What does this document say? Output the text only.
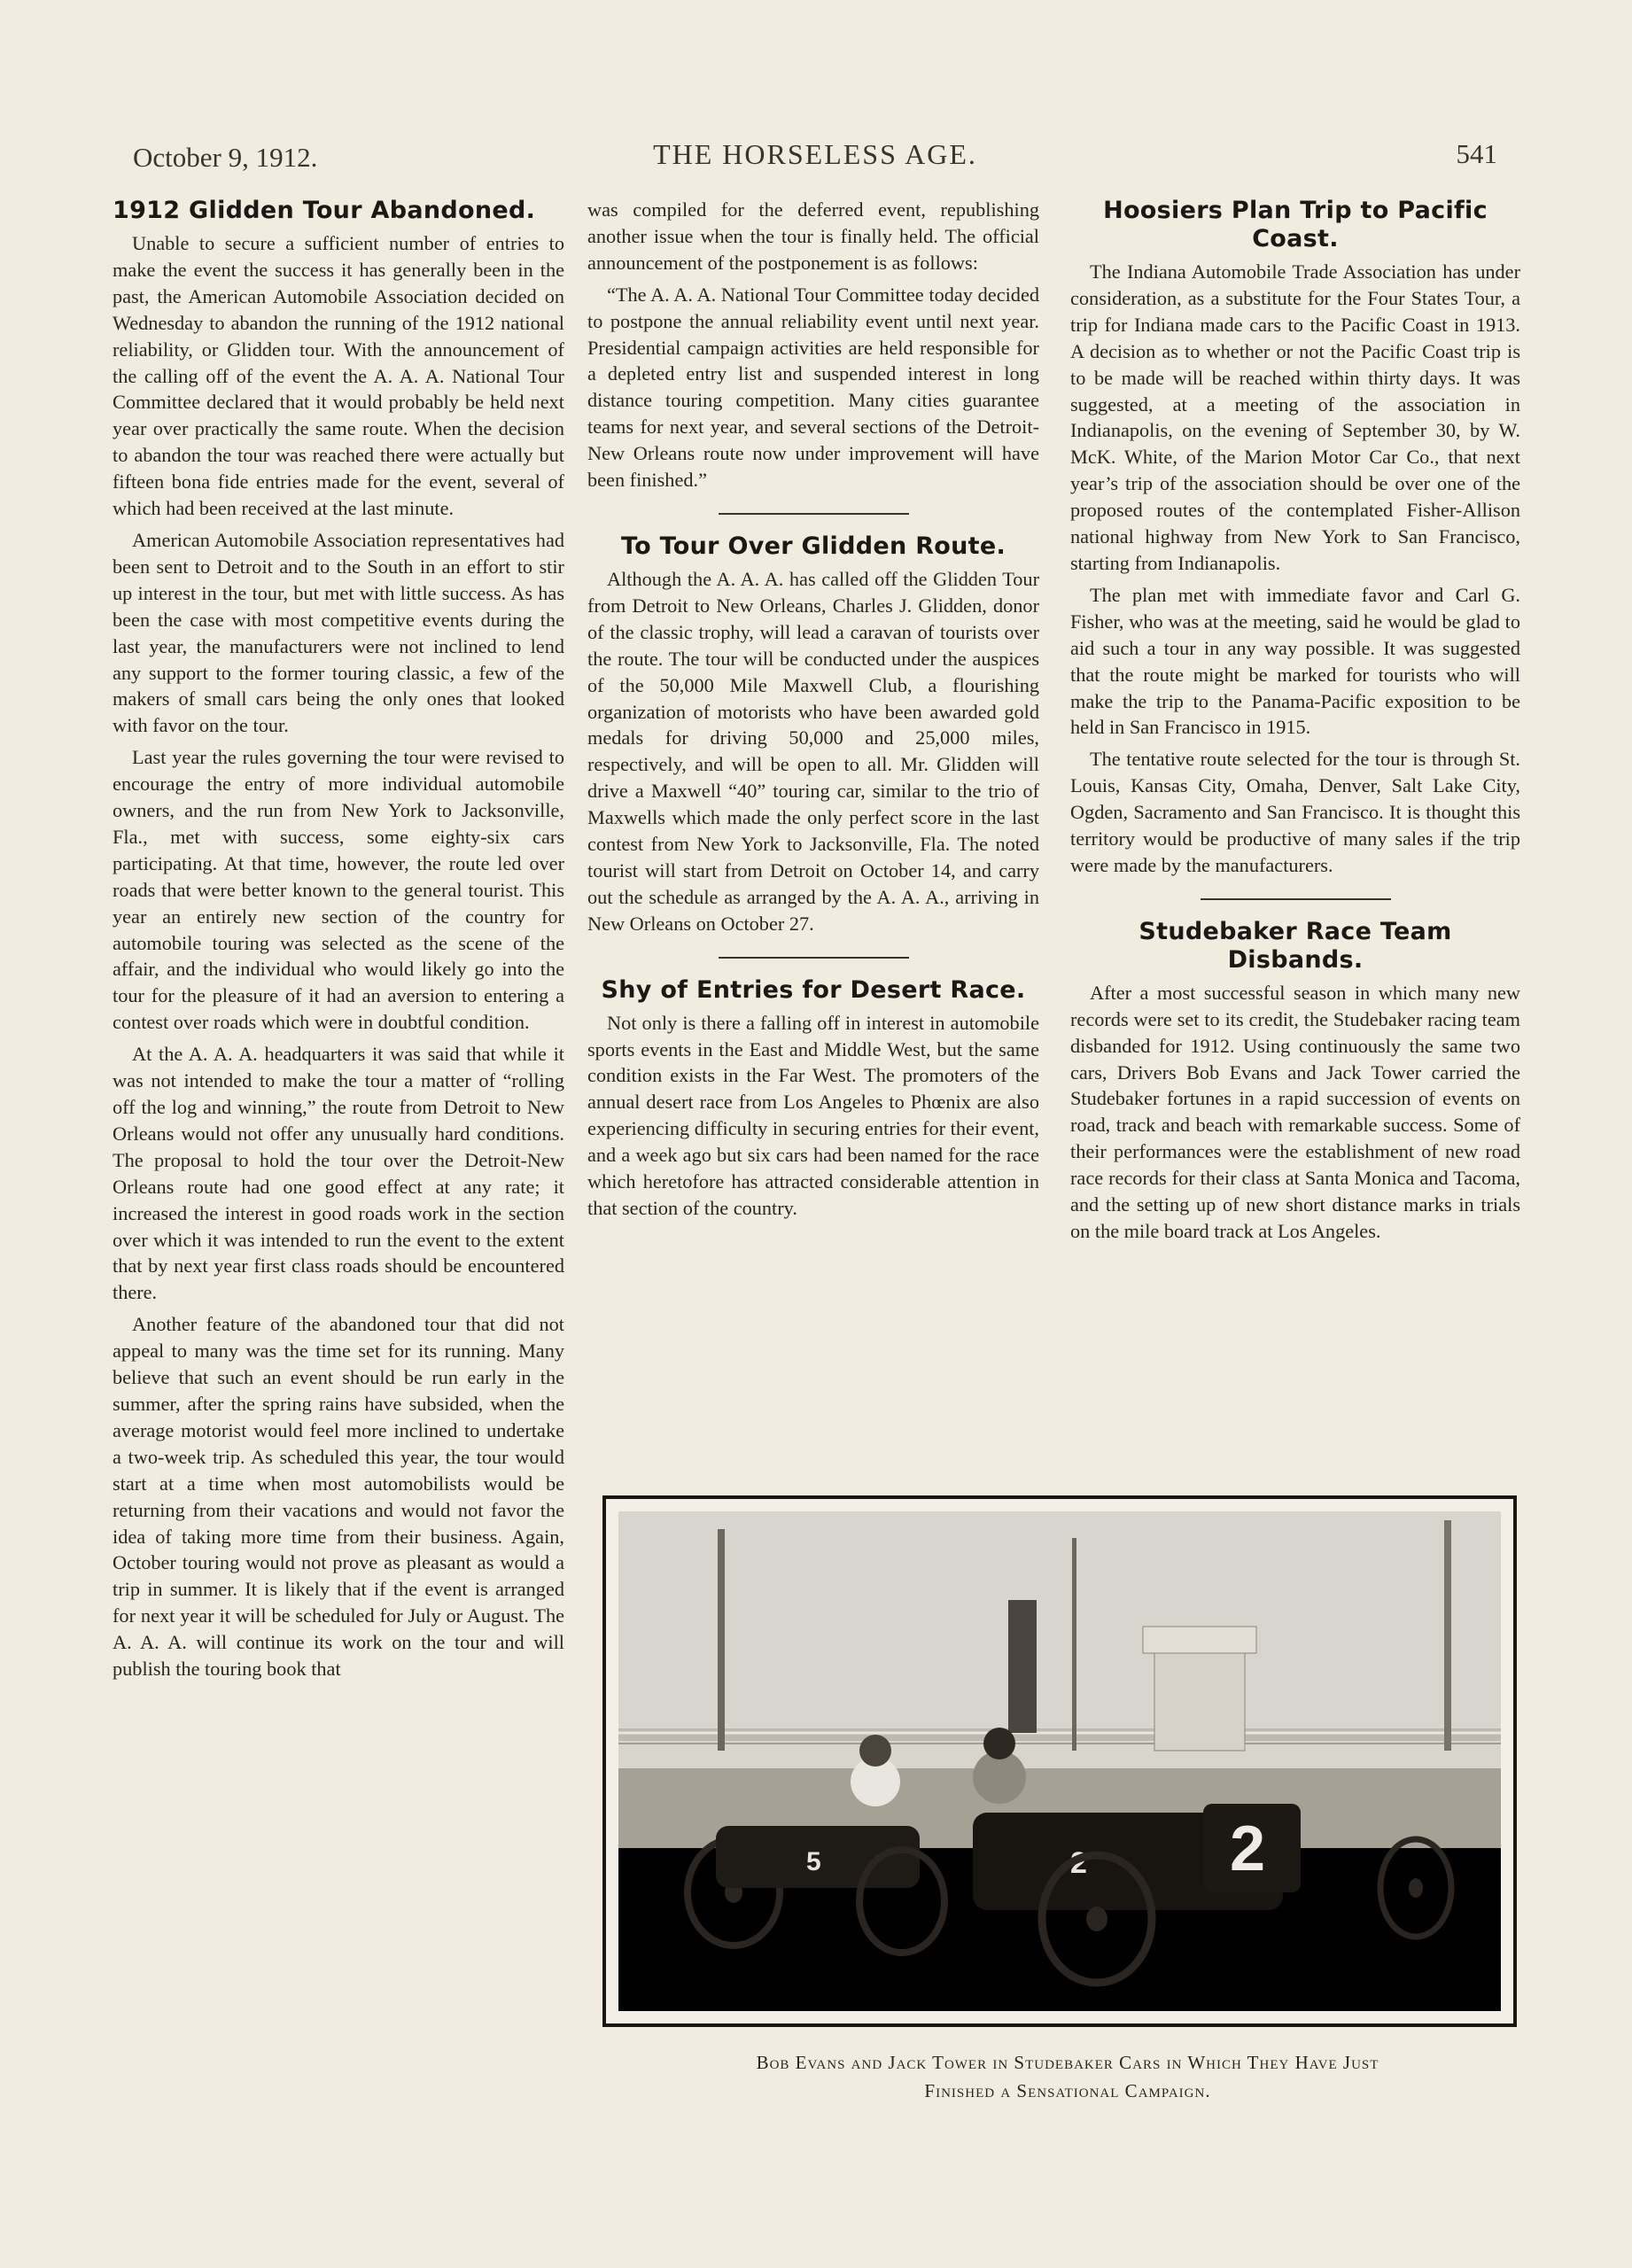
October 9, 1912.	THE HORSELESS AGE.	541
1912 Glidden Tour Abandoned.

Unable to secure a sufficient number of entries to make the event the success it has generally been in the past, the American Automobile Association decided on Wednesday to abandon the running of the 1912 national reliability, or Glidden tour. With the announcement of the calling off of the event the A. A. A. National Tour Committee declared that it would probably be held next year over practically the same route. When the decision to abandon the tour was reached there were actually but fifteen bona fide entries made for the event, several of which had been received at the last minute.

American Automobile Association representatives had been sent to Detroit and to the South in an effort to stir up interest in the tour, but met with little success. As has been the case with most competitive events during the last year, the manufacturers were not inclined to lend any support to the former touring classic, a few of the makers of small cars being the only ones that looked with favor on the tour.

Last year the rules governing the tour were revised to encourage the entry of more individual automobile owners, and the run from New York to Jacksonville, Fla., met with success, some eighty-six cars participating. At that time, however, the route led over roads that were better known to the general tourist. This year an entirely new section of the country for automobile touring was selected as the scene of the affair, and the individual who would likely go into the tour for the pleasure of it had an aversion to entering a contest over roads which were in doubtful condition.

At the A. A. A. headquarters it was said that while it was not intended to make the tour a matter of “rolling off the log and winning,” the route from Detroit to New Orleans would not offer any unusually hard conditions. The proposal to hold the tour over the Detroit-New Orleans route had one good effect at any rate; it increased the interest in good roads work in the section over which it was intended to run the event to the extent that by next year first class roads should be encountered there.

Another feature of the abandoned tour that did not appeal to many was the time set for its running. Many believe that such an event should be run early in the summer, after the spring rains have subsided, when the average motorist would feel more inclined to undertake a two-week trip. As scheduled this year, the tour would start at a time when most automobilists would be returning from their vacations and would not favor the idea of taking more time from their business. Again, October touring would not prove as pleasant as would a trip in summer. It is likely that if the event is arranged for next year it will be scheduled for July or August. The A. A. A. will continue its work on the tour and will publish the touring book that

was compiled for the deferred event, republishing another issue when the tour is finally held. The official announcement of the postponement is as follows:

“The A. A. A. National Tour Committee today decided to postpone the annual reliability event until next year. Presidential campaign activities are held responsible for a depleted entry list and suspended interest in long distance touring competition. Many cities guarantee teams for next year, and several sections of the Detroit-New Orleans route now under improvement will have been finished.”

To Tour Over Glidden Route.

Although the A. A. A. has called off the Glidden Tour from Detroit to New Orleans, Charles J. Glidden, donor of the classic trophy, will lead a caravan of tourists over the route. The tour will be conducted under the auspices of the 50,000 Mile Maxwell Club, a flourishing organization of motorists who have been awarded gold medals for driving 50,000 and 25,000 miles, respectively, and will be open to all. Mr. Glidden will drive a Maxwell “40” touring car, similar to the trio of Maxwells which made the only perfect score in the last contest from New York to Jacksonville, Fla. The noted tourist will start from Detroit on October 14, and carry out the schedule as arranged by the A. A. A., arriving in New Orleans on October 27.

Shy of Entries for Desert Race.

Not only is there a falling off in interest in automobile sports events in the East and Middle West, but the same condition exists in the Far West. The promoters of the annual desert race from Los Angeles to Phœnix are also experiencing difficulty in securing entries for their event, and a week ago but six cars had been named for the race which heretofore has attracted considerable attention in that section of the country.

Hoosiers Plan Trip to Pacific Coast.

The Indiana Automobile Trade Association has under consideration, as a substitute for the Four States Tour, a trip for Indiana made cars to the Pacific Coast in 1913. A decision as to whether or not the Pacific Coast trip is to be made will be reached within thirty days. It was suggested, at a meeting of the association in Indianapolis, on the evening of September 30, by W. McK. White, of the Marion Motor Car Co., that next year’s trip of the association should be over one of the proposed routes of the contemplated Fisher-Allison national highway from New York to San Francisco, starting from Indianapolis.

The plan met with immediate favor and Carl G. Fisher, who was at the meeting, said he would be glad to aid such a tour in any way possible. It was suggested that the route might be marked for tourists who will make the trip to the Panama-Pacific exposition to be held in San Francisco in 1915.

The tentative route selected for the tour is through St. Louis, Kansas City, Omaha, Denver, Salt Lake City, Ogden, Sacramento and San Francisco. It is thought this territory would be productive of many sales if the trip were made by the manufacturers.

Studebaker Race Team Disbands.

After a most successful season in which many new records were set to its credit, the Studebaker racing team disbanded for 1912. Using continuously the same two cars, Drivers Bob Evans and Jack Tower carried the Studebaker fortunes in a rapid succession of events on road, track and beach with remarkable success. Some of their performances were the establishment of new road race records for their class at Santa Monica and Tacoma, and the setting up of new short distance marks in trials on the mile board track at Los Angeles.

5	2
2
Bob Evans and Jack Tower in Studebaker Cars in Which They Have Just
Finished a Sensational Campaign.
